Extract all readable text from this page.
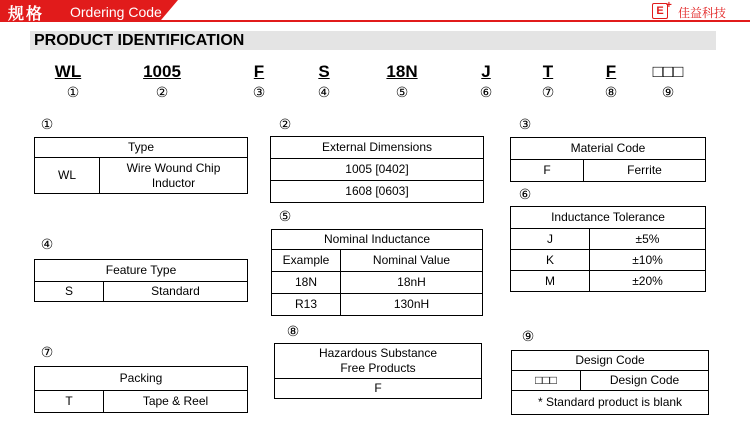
规格 Ordering Code	E +
佳益科技
PRODUCT IDENTIFICATION
WL	1005	F	S	18N	J	T	F □□□
①	②	③	④	⑤	⑥	⑦	⑧	⑨
①
Type
WL	Wire Wound Chip
Inductor
④
Feature Type
S	Standard
⑦
Packing
T	Tape & Reel
②
External Dimensions
1005 [0402]
1608 [0603]
⑤
Nominal Inductance	
Example	Nominal Value
18N	18nH
R13	130nH
⑧
Hazardous Substance
Free Products
F
③
Material Code
F	Ferrite
⑥
Inductance Tolerance	
J	±5%
K	±10%
M	±20%
⑨
Design Code
□□□	Design Code
* Standard product is blank
